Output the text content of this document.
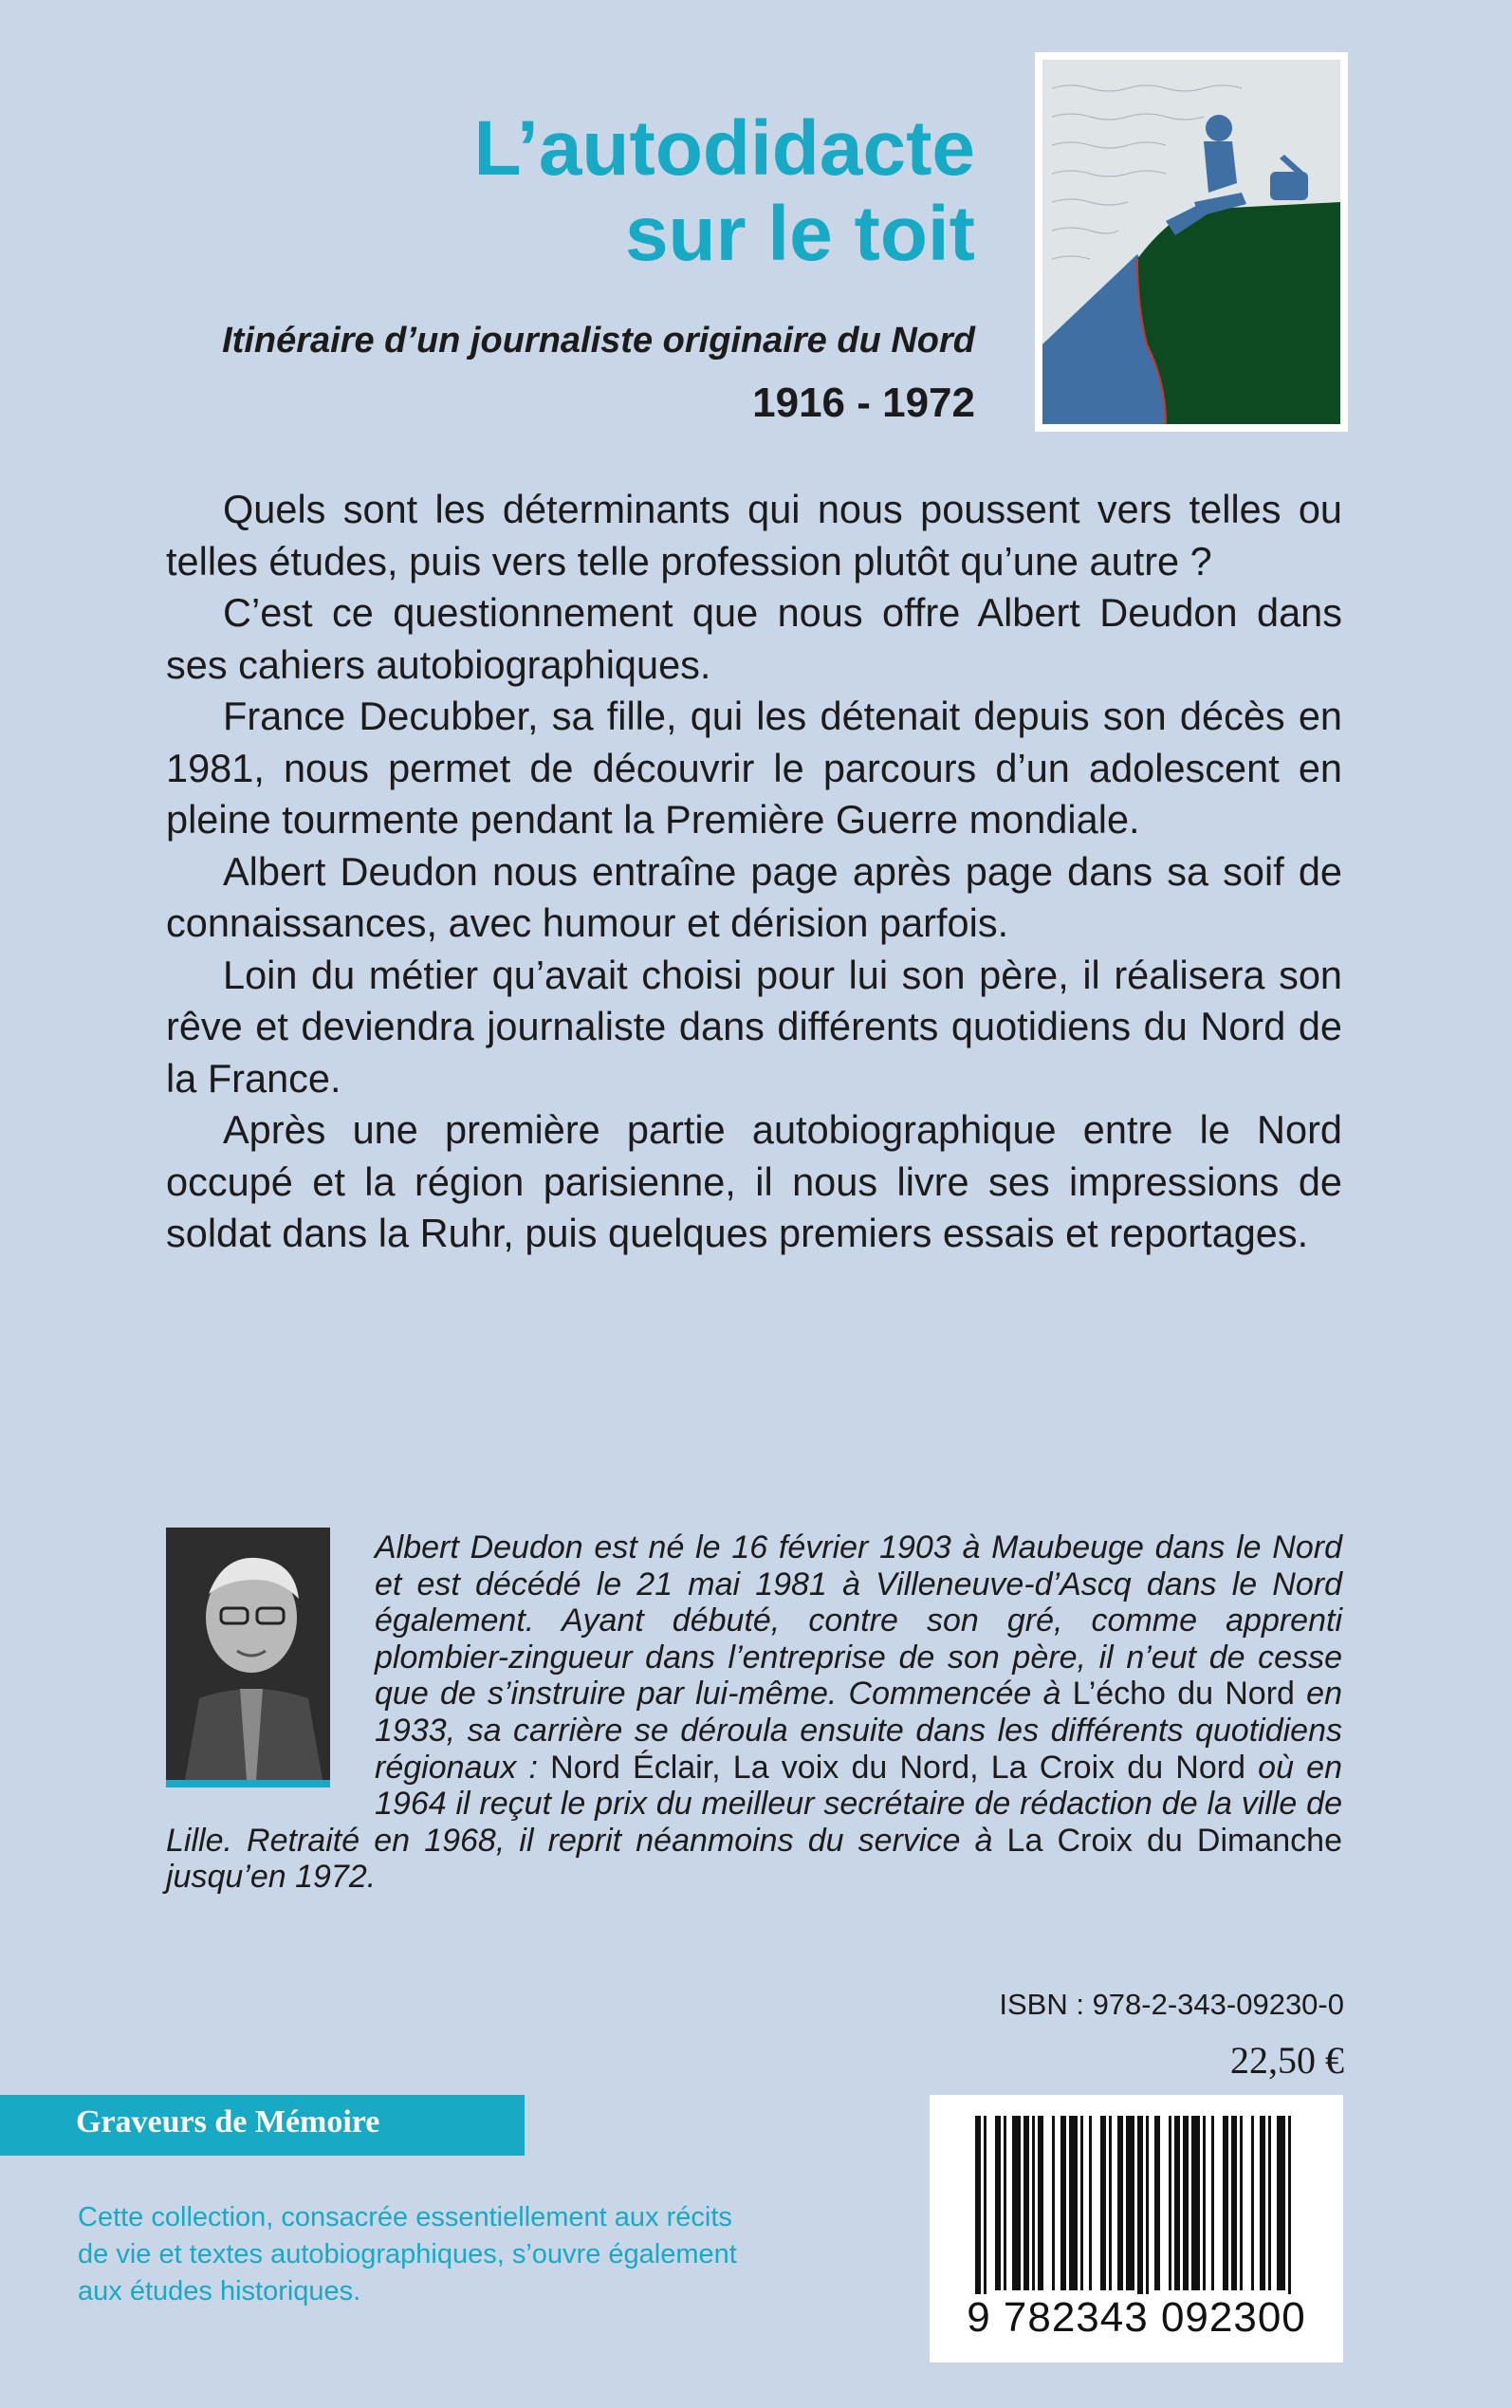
L’autodidacte
sur le toit
Itinéraire d’un journaliste originaire du Nord
1916 - 1972

Quels sont les déterminants qui nous poussent vers telles ou telles études, puis vers telle profession plutôt qu’une autre ?

C’est ce questionnement que nous offre Albert Deudon dans ses cahiers autobiographiques.

France Decubber, sa fille, qui les détenait depuis son décès en 1981, nous permet de découvrir le parcours d’un adolescent en pleine tourmente pendant la Première Guerre mondiale.

Albert Deudon nous entraîne page après page dans sa soif de connaissances, avec humour et dérision parfois.

Loin du métier qu’avait choisi pour lui son père, il réalisera son rêve et deviendra journaliste dans différents quotidiens du Nord de la France.

Après une première partie autobiographique entre le Nord occupé et la région parisienne, il nous livre ses impressions de soldat dans la Ruhr, puis quelques premiers essais et reportages.

Albert Deudon est né le 16 février 1903 à Maubeuge dans le Nord et est décédé le 21 mai 1981 à Villeneuve-d’Ascq dans le Nord également. Ayant débuté, contre son gré, comme apprenti plombier-zingueur dans l’entreprise de son père, il n’eut de cesse que de s’instruire par lui-même. Commencée à L’écho du Nord en 1933, sa carrière se déroula ensuite dans les différents quotidiens régionaux : Nord Éclair, La voix du Nord, La Croix du Nord où en 1964 il reçut le prix du meilleur secrétaire de rédaction de la ville de Lille. Retraité en 1968, il reprit néanmoins du service à La Croix du Dimanche jusqu’en 1972.
ISBN : 978-2-343-09230-0
22,50 €
Graveurs de Mémoire
Cette collection, consacrée essentiellement aux récits
de vie et textes autobiographiques, s’ouvre également
aux études historiques.
9 782343 092300
